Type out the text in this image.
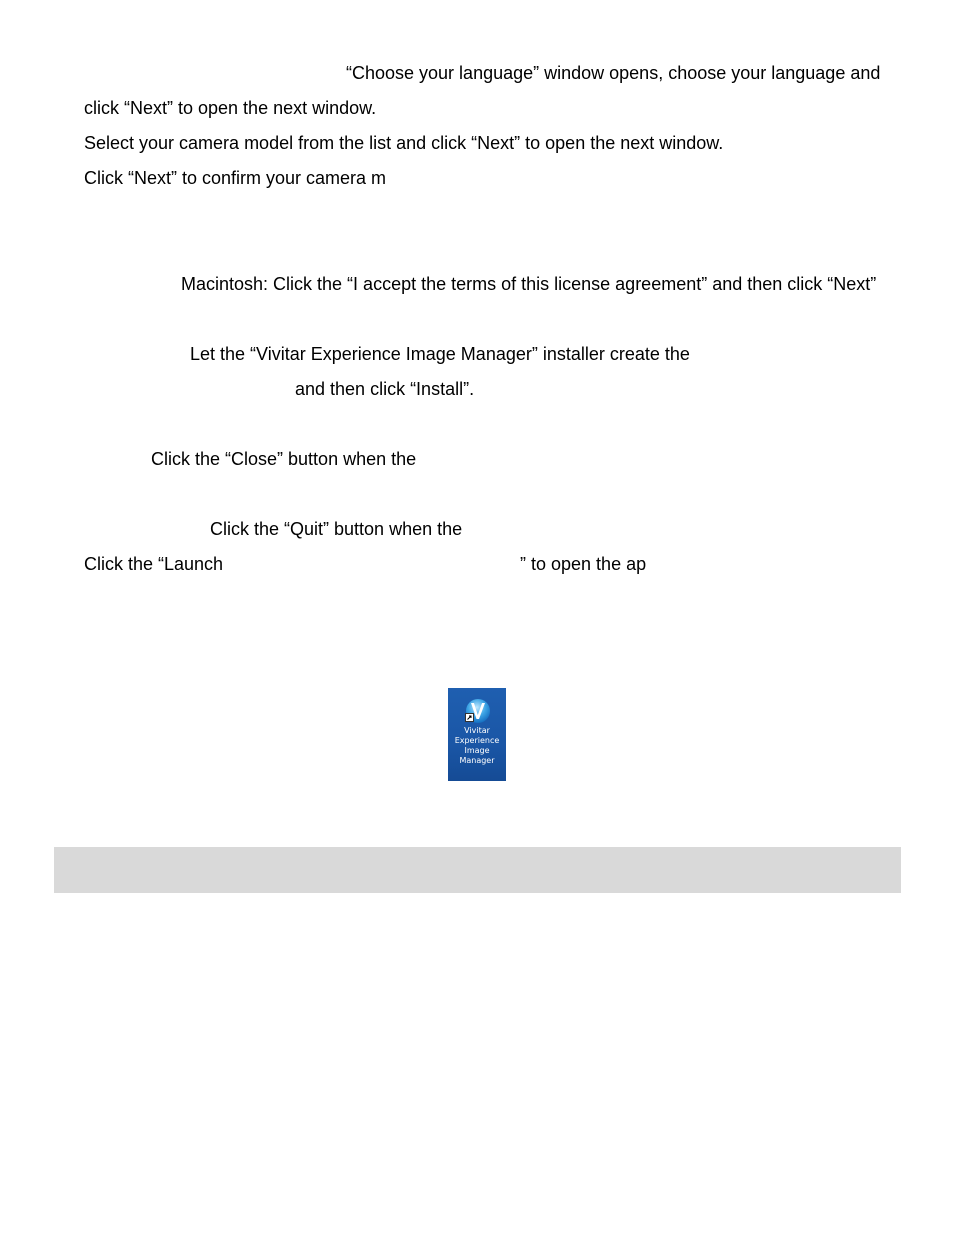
“Choose your language” window opens, choose your language and

click “Next” to open the next window.

Select your camera model from the list and click “Next” to open the next window.

Click “Next” to confirm your camera m

Macintosh: Click the “I accept the terms of this license agreement” and then click “Next”

Let the “Vivitar Experience Image Manager” installer create the

and then click “Install”.

Click the “Close” button when the

Click the “Quit” button when the

Click the “Launch	” to open the ap

Vivitar
Experience
Image
Manager
